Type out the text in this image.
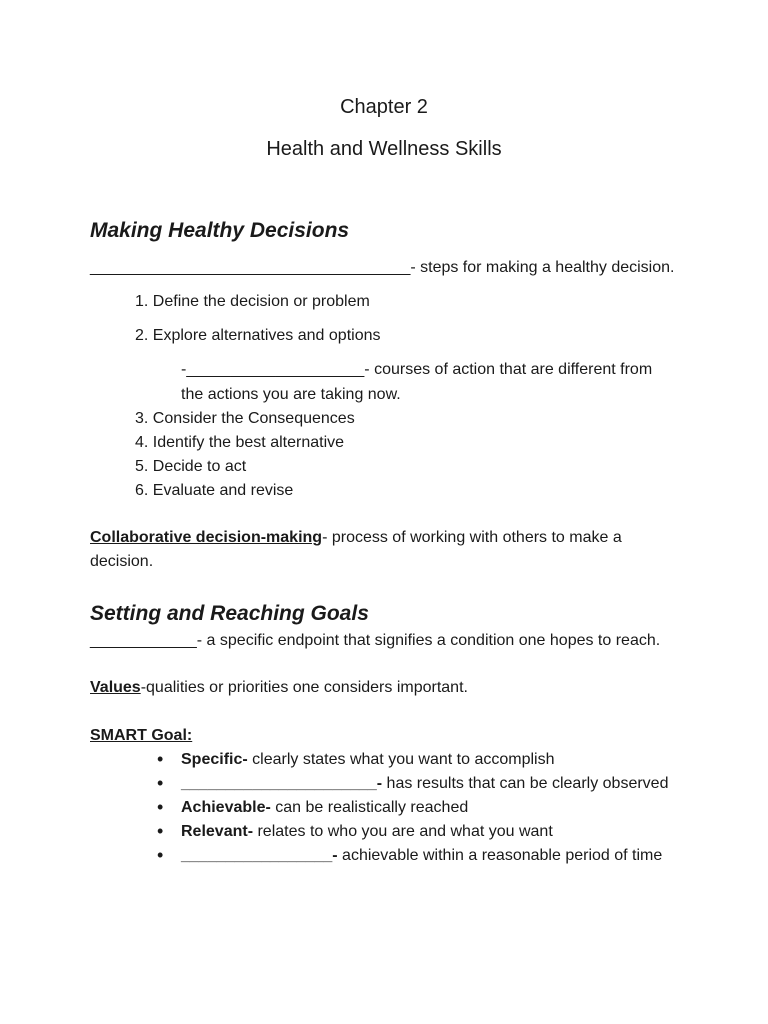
Chapter 2
Health and Wellness Skills
Making Healthy Decisions
____________________________________- steps for making a healthy decision.
1. Define the decision or problem
2. Explore alternatives and options
-____________________- courses of action that are different from
the actions you are taking now.
3. Consider the Consequences
4. Identify the best alternative
5. Decide to act
6. Evaluate and revise
Collaborative decision-making- process of working with others to make a
decision.
Setting and Reaching Goals
____________- a specific endpoint that signifies a condition one hopes to reach.
Values-qualities or priorities one considers important.
SMART Goal:
• Specific- clearly states what you want to accomplish
• ______________________- has results that can be clearly observed
• Achievable- can be realistically reached
• Relevant- relates to who you are and what you want
• _________________- achievable within a reasonable period of time
